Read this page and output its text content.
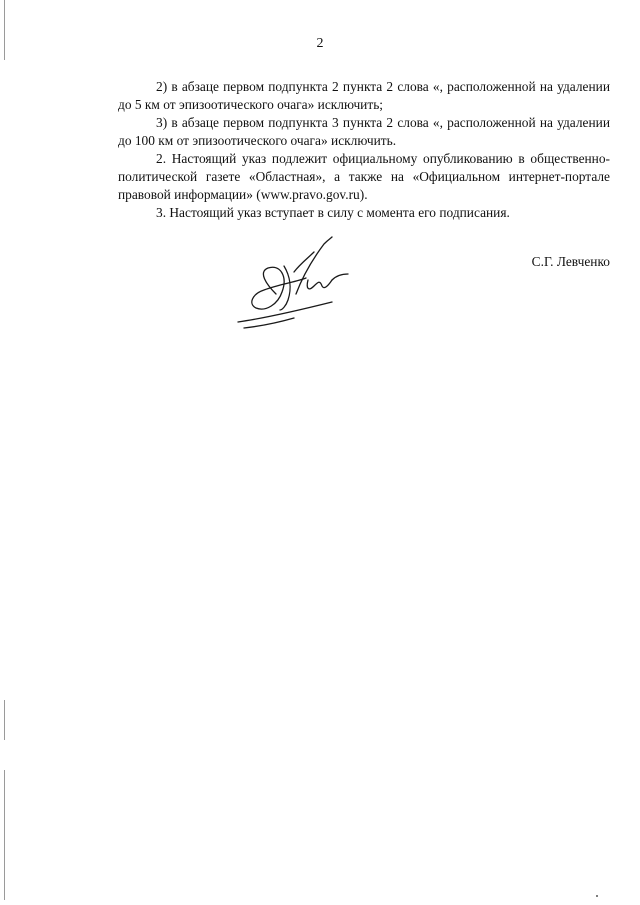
2

2) в абзаце первом подпункта 2 пункта 2 слова «, расположенной на удалении до 5 км от эпизоотического очага» исключить;

3) в абзаце первом подпункта 3 пункта 2 слова «, расположенной на удалении до 100 км от эпизоотического очага» исключить.

2. Настоящий указ подлежит официальному опубликованию в общественно-политической газете «Областная», а также на «Официальном интернет-портале правовой информации» (www.pravo.gov.ru).

3. Настоящий указ вступает в силу с момента его подписания.

С.Г. Левченко
